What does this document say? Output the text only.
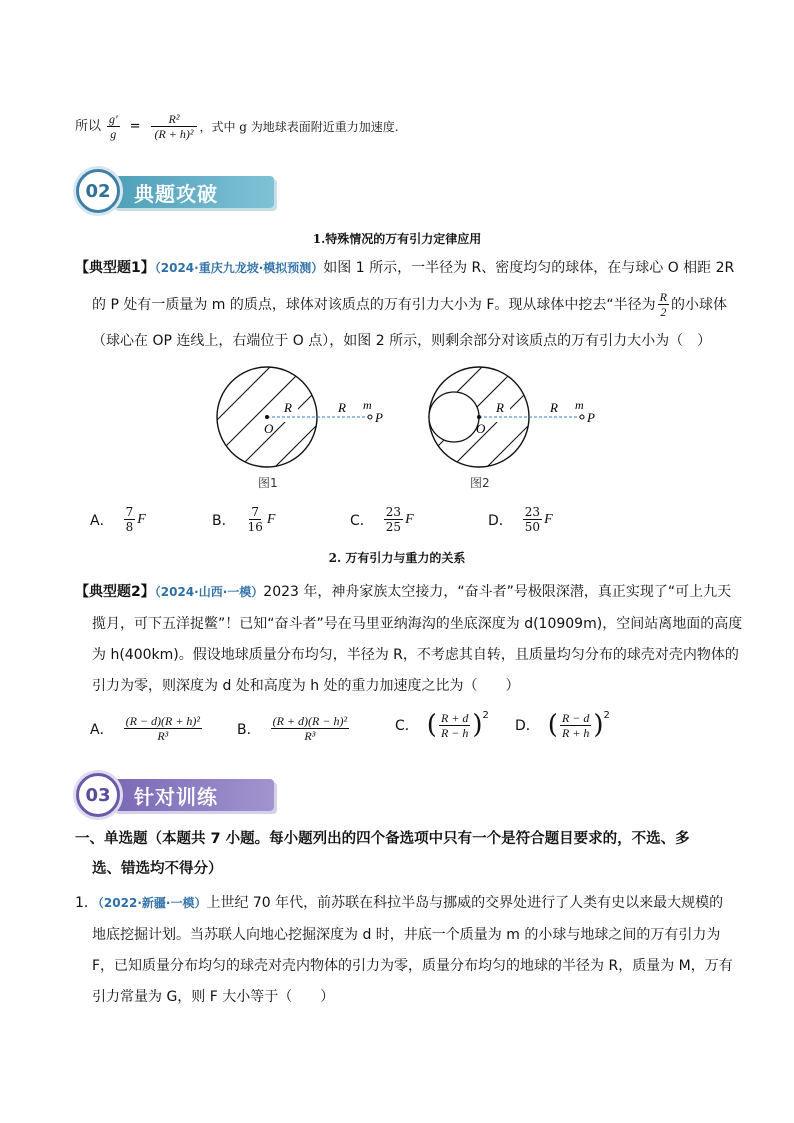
所以 $\frac{g'}{g} = \frac{\text{R²}}{\text{(R + h)²}}$ ，式中 g 为地球表面附近重力加速度.
典题攻破
02
1.特殊情况的万有引力定律应用
【典型题1】（2024·重庆九龙坡·模拟预测）如图 1 所示，一半径为 R、密度均匀的球体，在与球心 O 相距 2R
的 P 处有一质量为 m 的质点，球体对该质点的万有引力大小为 F。现从球体中挖去“半径为 $\frac{R}{2}$ 的小球体
（球心在 OP 连线上，右端位于 O 点），如图 2 所示，则剩余部分对该质点的万有引力大小为（　）
R
O
R m
P
图1
R
O
R m
P
图2
A． $\frac{7}{8}$ F	B． $\frac{7}{16}$ F	C． $\frac{23}{25}$ F	D． $\frac{23}{50}$ F
2. 万有引力与重力的关系
【典型题2】（2024·山西·一模）2023 年，神舟家族太空接力，“奋斗者”号极限深潜，真正实现了“可上九天
揽月，可下五洋捉鳖”！已知“奋斗者”号在马里亚纳海沟的坐底深度为 d(10909m)，空间站离地面的高度
为 h(400km)。假设地球质量分布均匀，半径为 R，不考虑其自转，且质量均匀分布的球壳对壳内物体的
引力为零，则深度为 d 处和高度为 h 处的重力加速度之比为（　　）
A． $\frac{\text{(R − d)(R + h)²}}{\text{R³}}$ B． $\frac{\text{(R + d)(R − h)²}}{\text{R³}}$	C． ( $\frac{R + d}{R - h} )^2$
D． ( $\frac{R - d}{R + h} )^2$
针对训练
03
一、单选题（本题共 7 小题。每小题列出的四个备选项中只有一个是符合题目要求的，不选、多
选、错选均不得分）
1．（2022·新疆·一模）上世纪 70 年代，前苏联在科拉半岛与挪威的交界处进行了人类有史以来最大规模的
地底挖掘计划。当苏联人向地心挖掘深度为 d 时，井底一个质量为 m 的小球与地球之间的万有引力为
F，已知质量分布均匀的球壳对壳内物体的引力为零，质量分布均匀的地球的半径为 R，质量为 M，万有
引力常量为 G，则 F 大小等于（　　）
